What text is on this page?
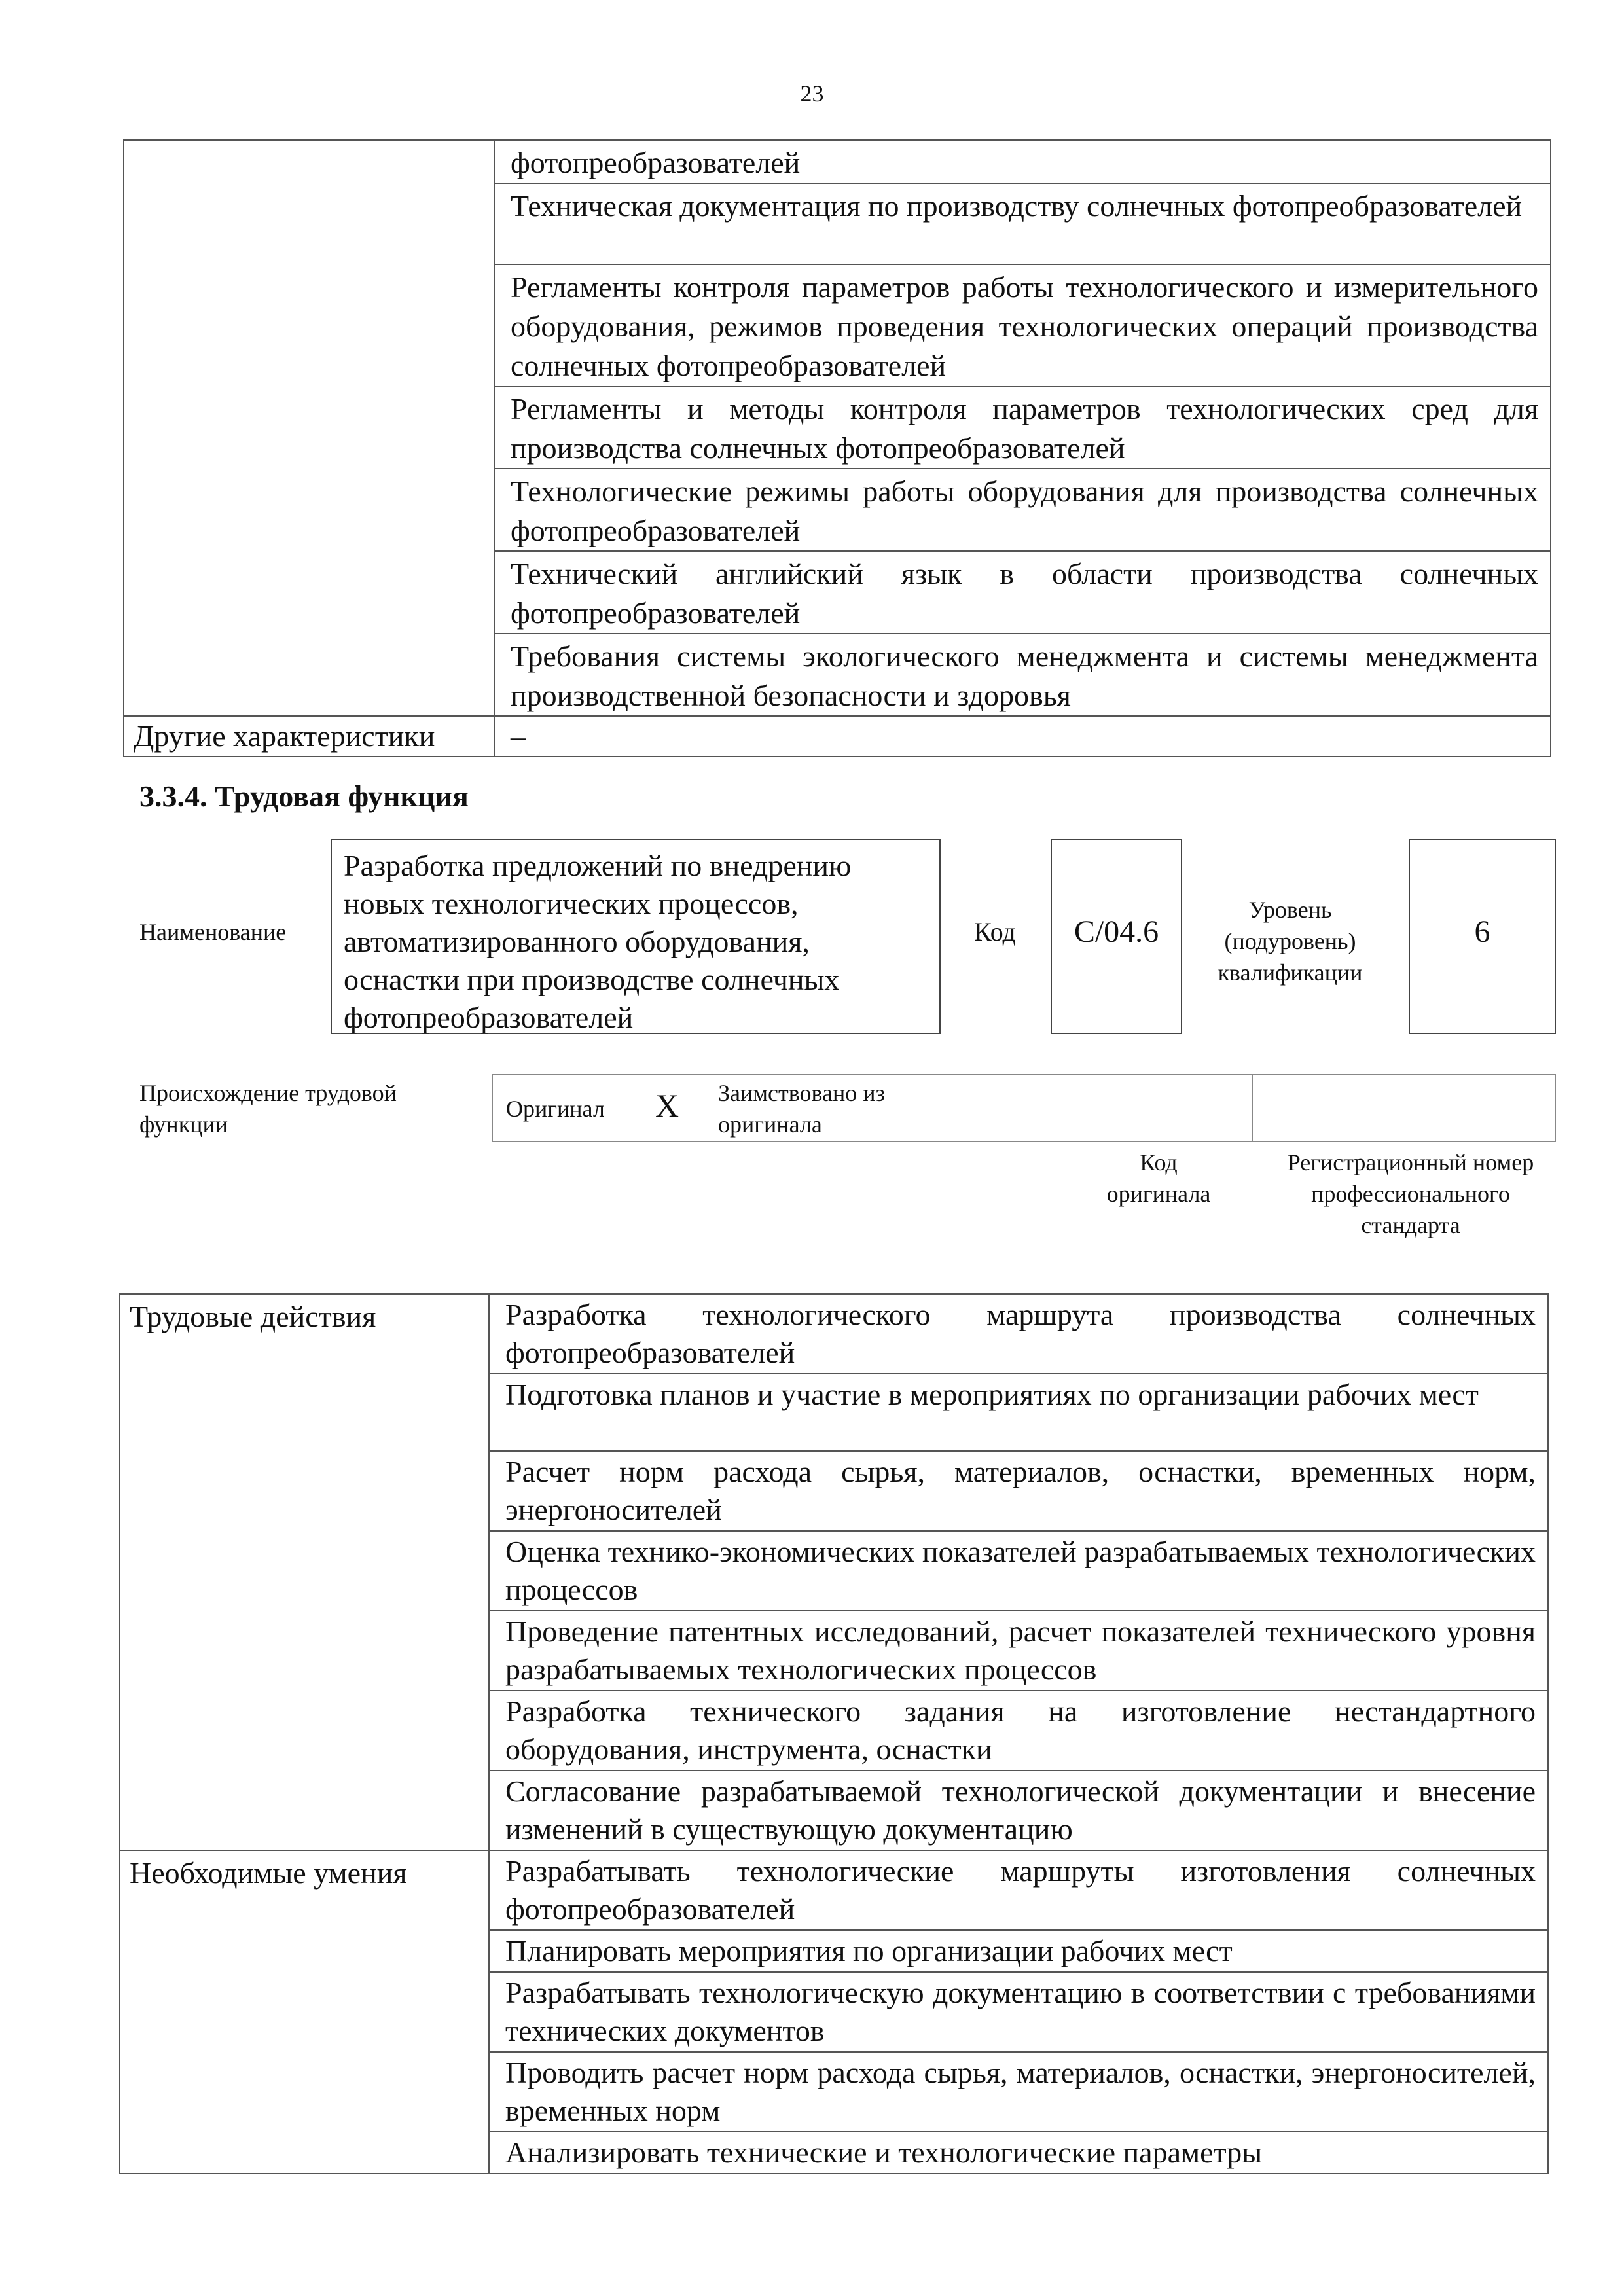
23
	фотопреобразователей
	Техническая документация по производству солнечных фотопреобразователей
	Регламенты контроля параметров работы технологического и измерительного оборудования, режимов проведения технологических операций производства солнечных фотопреобразователей
	Регламенты и методы контроля параметров технологических сред для производства солнечных фотопреобразователей
	Технологические режимы работы оборудования для производства солнечных фотопреобразователей
	Технический английский язык в области производства солнечных фотопреобразователей
	Требования системы экологического менеджмента и системы менеджмента производственной безопасности и здоровья
Другие характеристики	–
3.3.4. Трудовая функция
Наименование
Разработка предложений по внедрению новых технологических процессов, автоматизированного оборудования, оснастки при производстве солнечных фотопреобразователей
Код	С/04.6
Уровень
(подуровень)
квалификации
6
Происхождение трудовой функции
Оригинал X Заимствовано из оригинала
Код оригинала
Регистрационный номер профессионального стандарта
Трудовые действия	Разработка технологического маршрута производства солнечных фотопреобразователей
	Подготовка планов и участие в мероприятиях по организации рабочих мест
	Расчет норм расхода сырья, материалов, оснастки, временных норм, энергоносителей
	Оценка технико-экономических показателей разрабатываемых технологических процессов
	Проведение патентных исследований, расчет показателей технического уровня разрабатываемых технологических процессов
	Разработка технического задания на изготовление нестандартного оборудования, инструмента, оснастки
	Согласование разрабатываемой технологической документации и внесение изменений в существующую документацию
Необходимые умения	Разрабатывать технологические маршруты изготовления солнечных фотопреобразователей
	Планировать мероприятия по организации рабочих мест
	Разрабатывать технологическую документацию в соответствии с требованиями технических документов
	Проводить расчет норм расхода сырья, материалов, оснастки, энергоносителей, временных норм
	Анализировать технические и технологические параметры
